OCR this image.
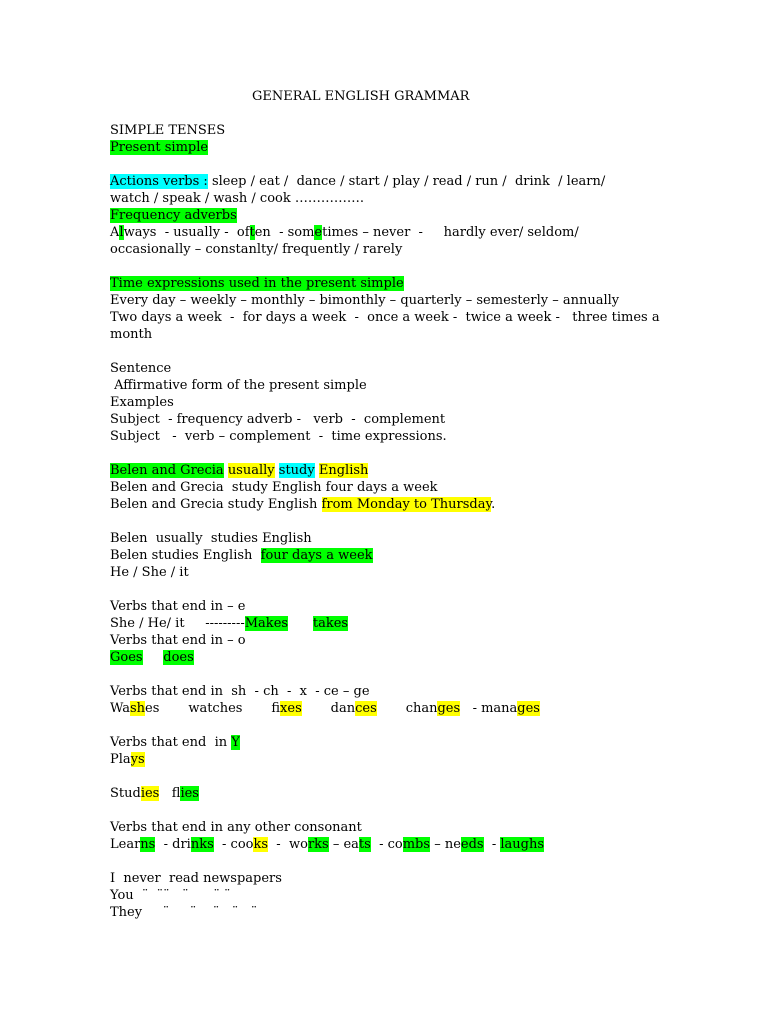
GENERAL ENGLISH GRAMMAR
SIMPLE TENSES
Present simple
Actions verbs : sleep / eat /  dance / start / play / read / run /  drink  / learn/
watch / speak / wash / cook …………….
Frequency adverbs
Always  - usually -  often  - sometimes – never  -     hardly ever/ seldom/
occasionally – constanlty/ frequently / rarely
Time expressions used in the present simple
Every day – weekly – monthly – bimonthly – quarterly – semesterly – annually
Two days a week  -  for days a week  -  once a week -  twice a week -   three times a
month
Sentence
Affirmative form of the present simple
Examples
Subject  - frequency adverb -   verb  -  complement
Subject   -  verb – complement  -  time expressions.
Belen and Grecia usually study English
Belen and Grecia  study English four days a week
Belen and Grecia study English from Monday to Thursday.
Belen  usually  studies English
Belen studies English  four days a week
He / She / it
Verbs that end in – e
She / He/ it     ---------Makes takes
Verbs that end in – o
Goes does
Verbs that end in  sh  - ch  -  x  - ce – ge
Washes       watches       fixes       dances       changes   - manages
Verbs that end  in Y
Plays
Studies   flies
Verbs that end in any other consonant
Learns  - drinks  - cooks  -  works – eats  - combs – needs  - laughs
I  never  read newspapers
You  ¨  ¨¨   ¨      ¨ ¨
They     ¨     ¨    ¨   ¨   ¨
